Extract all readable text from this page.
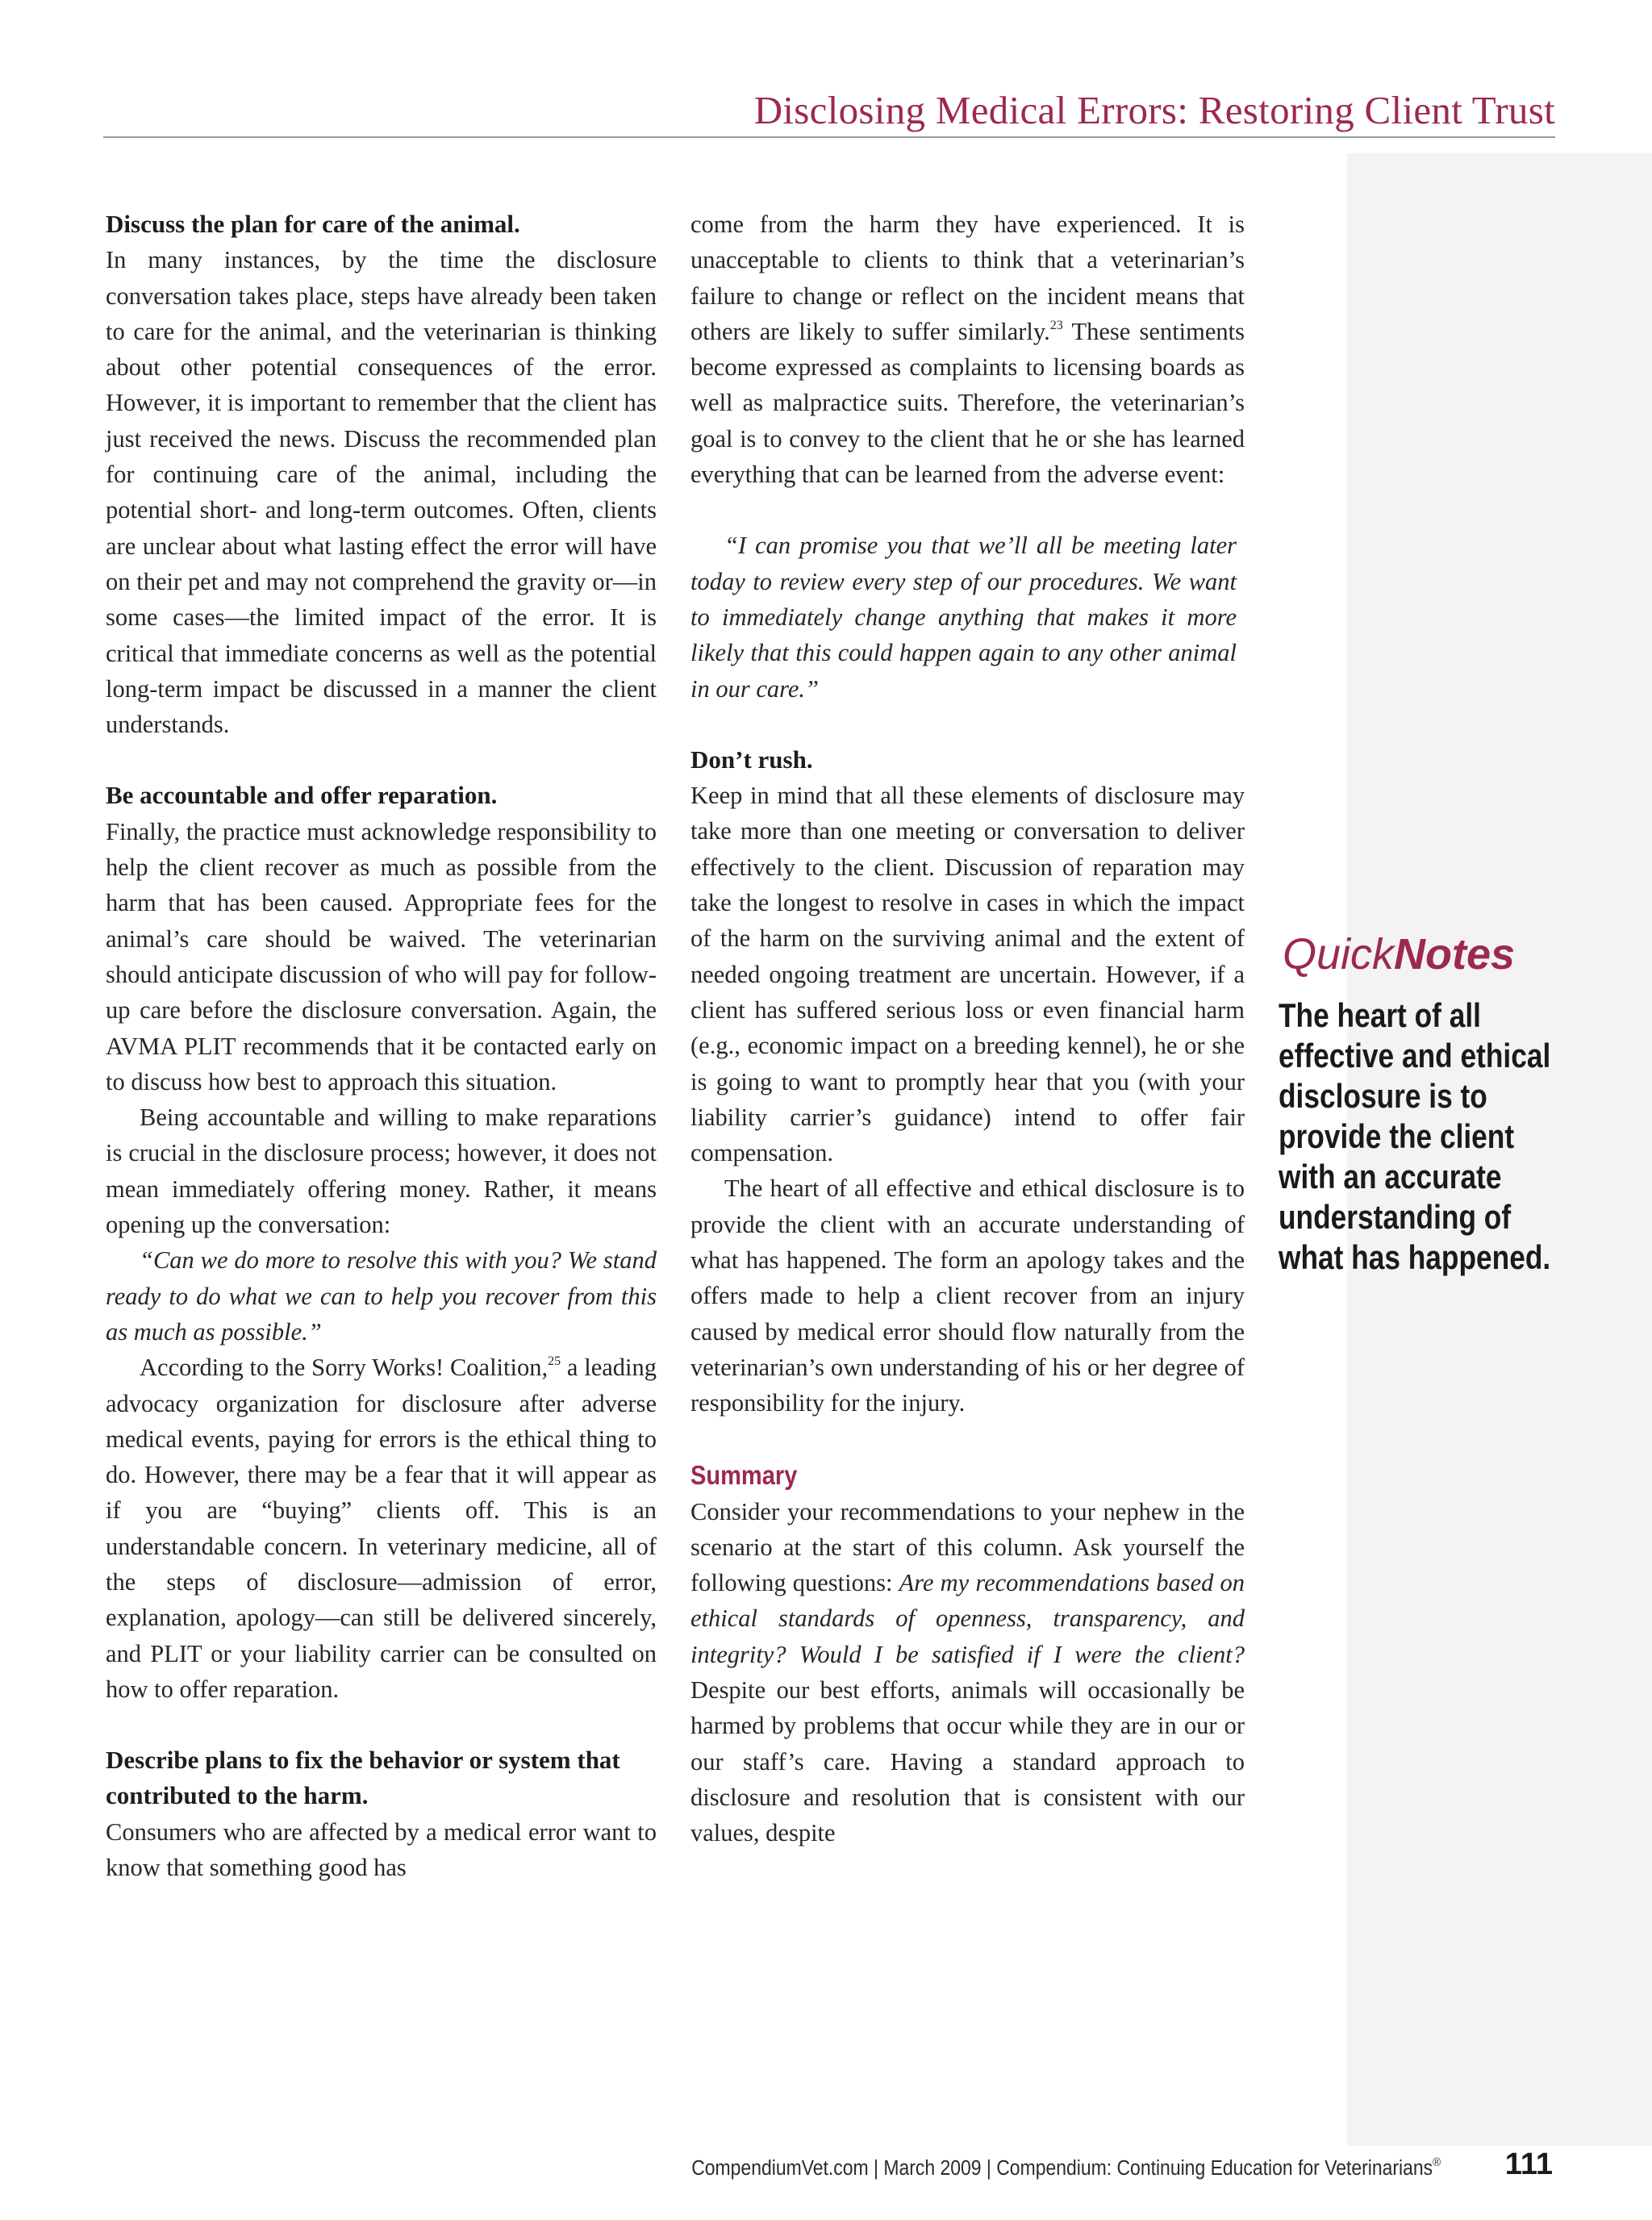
Disclosing Medical Errors: Restoring Client Trust
Discuss the plan for care of the animal.

In many instances, by the time the disclosure conversation takes place, steps have already been taken to care for the animal, and the veterinarian is thinking about other potential consequences of the error. However, it is important to remember that the client has just received the news. Discuss the recommended plan for continuing care of the animal, including the potential short- and long-term outcomes. Often, clients are unclear about what lasting effect the error will have on their pet and may not comprehend the gravity or—in some cases—the limited impact of the error. It is critical that immediate concerns as well as the potential long-term impact be discussed in a manner the client understands.

Be accountable and offer reparation.

Finally, the practice must acknowledge responsibility to help the client recover as much as possible from the harm that has been caused. Appropriate fees for the animal’s care should be waived. The veterinarian should anticipate discussion of who will pay for follow-up care before the disclosure conversation. Again, the AVMA PLIT recommends that it be contacted early on to discuss how best to approach this situation.

Being accountable and willing to make reparations is crucial in the disclosure process; however, it does not mean immediately offering money. Rather, it means opening up the conversation:

“Can we do more to resolve this with you? We stand ready to do what we can to help you recover from this as much as possible.”

According to the Sorry Works! Coalition,$^{25}$ a leading advocacy organization for disclosure after adverse medical events, paying for errors is the ethical thing to do. However, there may be a fear that it will appear as if you are “buying” clients off. This is an understandable concern. In veterinary medicine, all of the steps of disclosure—admission of error, explanation, apology—can still be delivered sincerely, and PLIT or your liability carrier can be consulted on how to offer reparation.

Describe plans to fix the behavior or system that contributed to the harm.

Consumers who are affected by a medical error want to know that something good has

come from the harm they have experienced. It is unacceptable to clients to think that a veterinarian’s failure to change or reflect on the incident means that others are likely to suffer similarly.$^{23}$ These sentiments become expressed as complaints to licensing boards as well as malpractice suits. Therefore, the veterinarian’s goal is to convey to the client that he or she has learned everything that can be learned from the adverse event:

“I can promise you that we’ll all be meeting later today to review every step of our procedures. We want to immediately change anything that makes it more likely that this could happen again to any other animal in our care.”

Don’t rush.

Keep in mind that all these elements of disclosure may take more than one meeting or conversation to deliver effectively to the client. Discussion of reparation may take the longest to resolve in cases in which the impact of the harm on the surviving animal and the extent of needed ongoing treatment are uncertain. However, if a client has suffered serious loss or even financial harm (e.g., economic impact on a breeding kennel), he or she is going to want to promptly hear that you (with your liability carrier’s guidance) intend to offer fair compensation.

The heart of all effective and ethical disclosure is to provide the client with an accurate understanding of what has happened. The form an apology takes and the offers made to help a client recover from an injury caused by medical error should flow naturally from the veterinarian’s own understanding of his or her degree of responsibility for the injury.

Summary

Consider your recommendations to your nephew in the scenario at the start of this column. Ask yourself the following questions: Are my recommendations based on ethical standards of openness, transparency, and integrity? Would I be satisfied if I were the client? Despite our best efforts, animals will occasionally be harmed by problems that occur while they are in our or our staff’s care. Having a standard approach to disclosure and resolution that is consistent with our values, despite

QuickNotes
The heart of all effective and ethical disclosure is to provide the client with an accurate understanding of what has happened.
CompendiumVet.com | March 2009 | Compendium: Continuing Education for Veterinarians® 111
